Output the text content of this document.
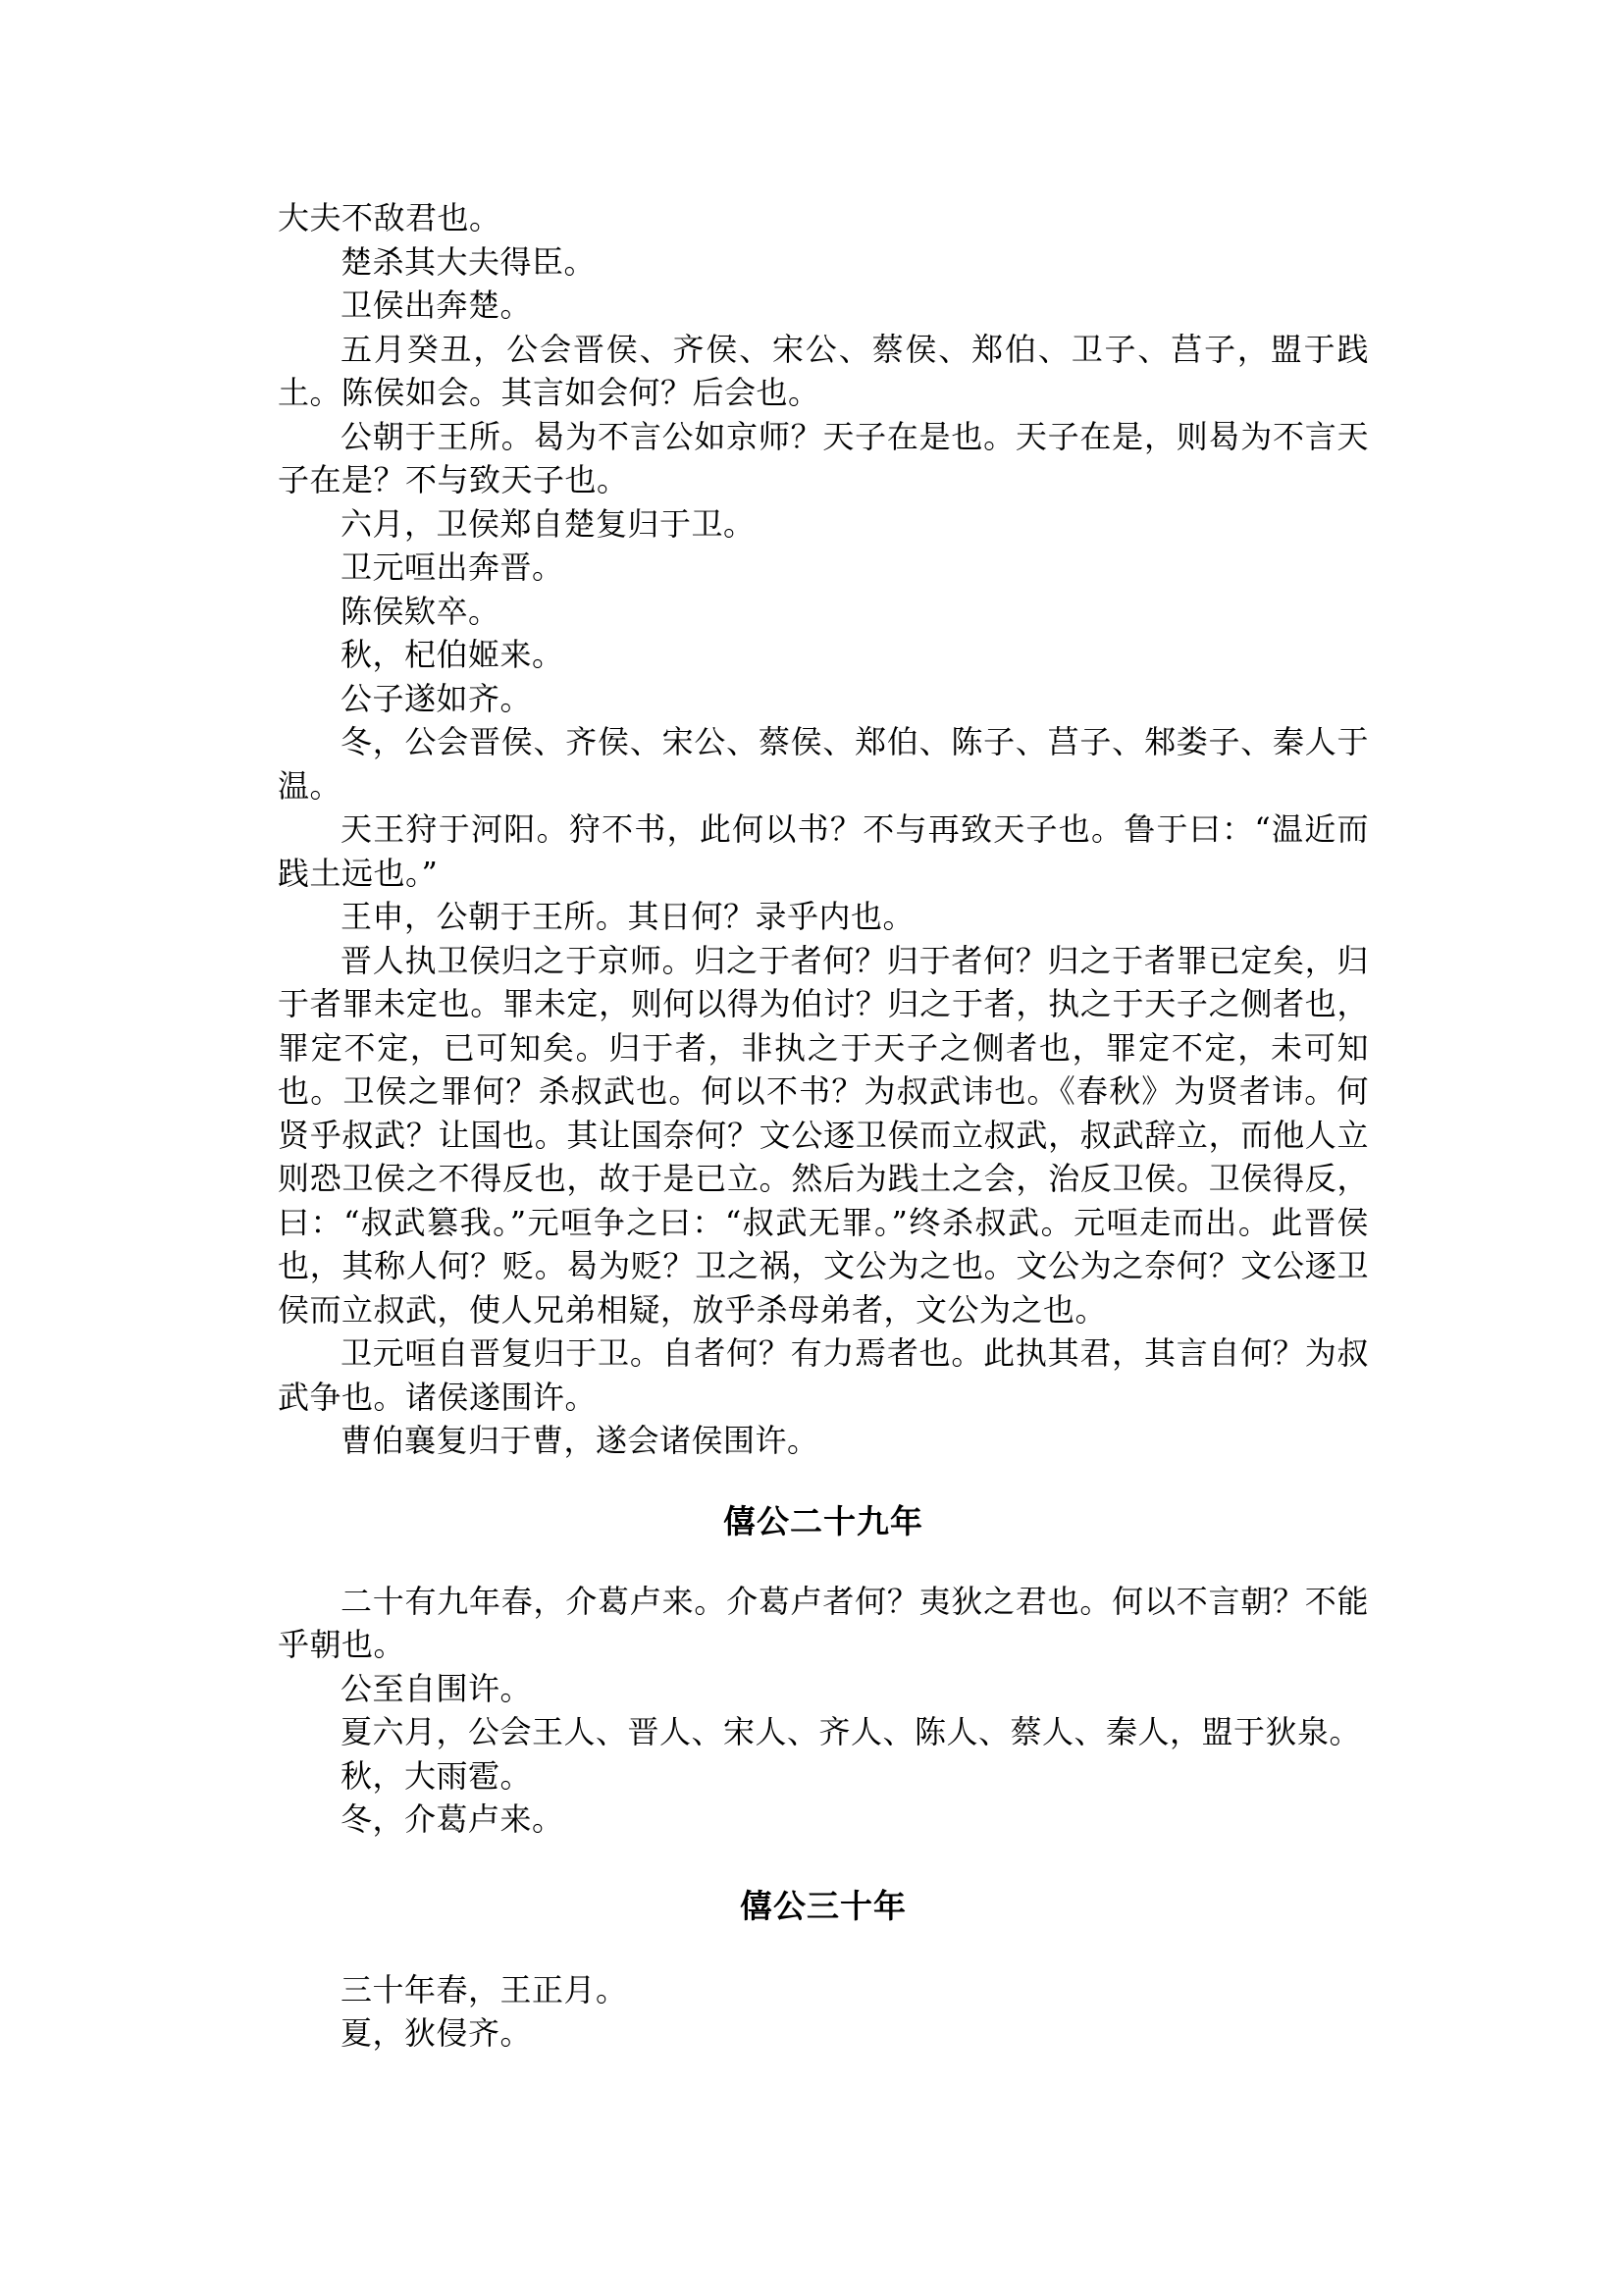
大夫不敌君也。

楚杀其大夫得臣。

卫侯出奔楚。

五月癸丑，公会晋侯、齐侯、宋公、蔡侯、郑伯、卫子、莒子，盟于践土。陈侯如会。其言如会何？后会也。

公朝于王所。曷为不言公如京师？天子在是也。天子在是，则曷为不言天子在是？不与致天子也。

六月，卫侯郑自楚复归于卫。

卫元咺出奔晋。

陈侯欵卒。

秋，杞伯姬来。

公子遂如齐。

冬，公会晋侯、齐侯、宋公、蔡侯、郑伯、陈子、莒子、邾娄子、秦人于温。

天王狩于河阳。狩不书，此何以书？不与再致天子也。鲁于曰：“温近而践土远也。”

王申，公朝于王所。其日何？录乎内也。

晋人执卫侯归之于京师。归之于者何？归于者何？归之于者罪已定矣，归于者罪未定也。罪未定，则何以得为伯讨？归之于者，执之于天子之侧者也，罪定不定，已可知矣。归于者，非执之于天子之侧者也，罪定不定，未可知也。卫侯之罪何？杀叔武也。何以不书？为叔武讳也。《春秋》为贤者讳。何贤乎叔武？让国也。其让国奈何？文公逐卫侯而立叔武，叔武辞立，而他人立则恐卫侯之不得反也，故于是已立。然后为践土之会，治反卫侯。卫侯得反，曰：“叔武篡我。”元咺争之曰：“叔武无罪。”终杀叔武。元咺走而出。此晋侯也，其称人何？贬。曷为贬？卫之祸，文公为之也。文公为之奈何？文公逐卫侯而立叔武，使人兄弟相疑，放乎杀母弟者，文公为之也。

卫元咺自晋复归于卫。自者何？有力焉者也。此执其君，其言自何？为叔武争也。诸侯遂围许。

曹伯襄复归于曹，遂会诸侯围许。

僖公二十九年

二十有九年春，介葛卢来。介葛卢者何？夷狄之君也。何以不言朝？不能乎朝也。

公至自围许。

夏六月，公会王人、晋人、宋人、齐人、陈人、蔡人、秦人，盟于狄泉。

秋，大雨雹。

冬，介葛卢来。

僖公三十年

三十年春，王正月。

夏，狄侵齐。
